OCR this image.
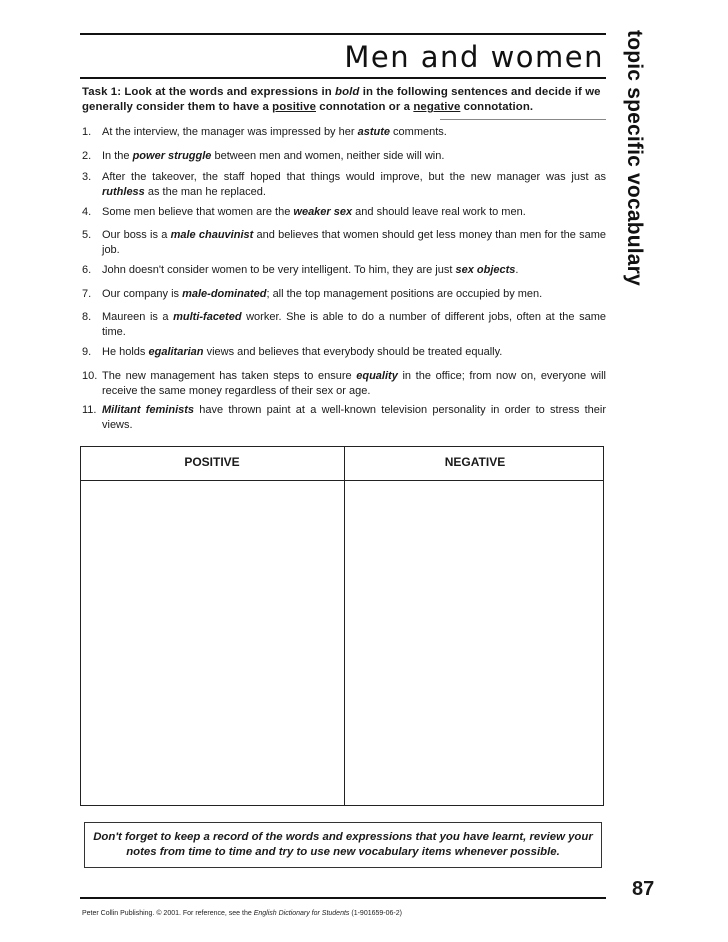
Men and women topic specific vocabulary
Task 1: Look at the words and expressions in bold in the following sentences and decide if we generally consider them to have a positive connotation or a negative connotation.
1. At the interview, the manager was impressed by her astute comments.
2. In the power struggle between men and women, neither side will win.
3. After the takeover, the staff hoped that things would improve, but the new manager was just as ruthless as the man he replaced.
4. Some men believe that women are the weaker sex and should leave real work to men.
5. Our boss is a male chauvinist and believes that women should get less money than men for the same job.
6. John doesn't consider women to be very intelligent. To him, they are just sex objects.
7. Our company is male-dominated; all the top management positions are occupied by men.
8. Maureen is a multi-faceted worker. She is able to do a number of different jobs, often at the same time.
9. He holds egalitarian views and believes that everybody should be treated equally.
10. The new management has taken steps to ensure equality in the office; from now on, everyone will receive the same money regardless of their sex or age.
11. Militant feminists have thrown paint at a well-known television personality in order to stress their views.
POSITIVE	NEGATIVE
Don't forget to keep a record of the words and expressions that you have learnt, review your notes from time to time and try to use new vocabulary items whenever possible.
87
Peter Collin Publishing. © 2001. For reference, see the English Dictionary for Students (1-901659-06-2)
